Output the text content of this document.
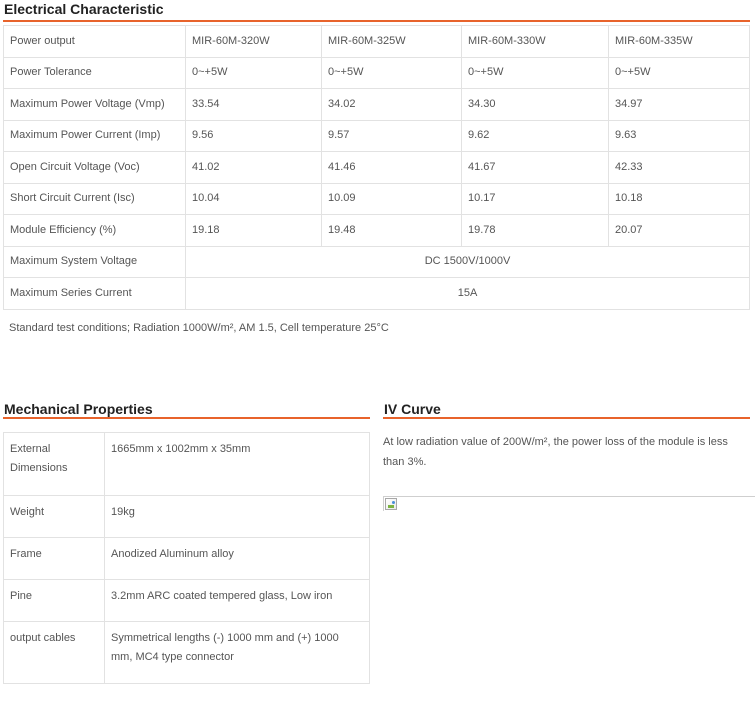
Electrical Characteristic
Power output	MIR-60M-320W	MIR-60M-325W	MIR-60M-330W	MIR-60M-335W
Power Tolerance	0~+5W	0~+5W	0~+5W	0~+5W
Maximum Power Voltage (Vmp)	33.54	34.02	34.30	34.97
Maximum Power Current (Imp)	9.56	9.57	9.62	9.63
Open Circuit Voltage (Voc)	41.02	41.46	41.67	42.33
Short Circuit Current (Isc)	10.04	10.09	10.17	10.18
Module Efficiency (%)	19.18	19.48	19.78	20.07
Maximum System Voltage	DC 1500V/1000V			
Maximum Series Current	15A			
Standard test conditions; Radiation 1000W/m², AM 1.5, Cell temperature 25°C
Mechanical Properties
External Dimensions	1665mm x 1002mm x 35mm
Weight	19kg
Frame	Anodized Aluminum alloy
Pine	3.2mm ARC coated tempered glass, Low iron
output cables	Symmetrical lengths (-) 1000 mm and (+) 1000 mm, MC4 type connector
IV Curve
At low radiation value of 200W/m², the power loss of the module is less than 3%.
